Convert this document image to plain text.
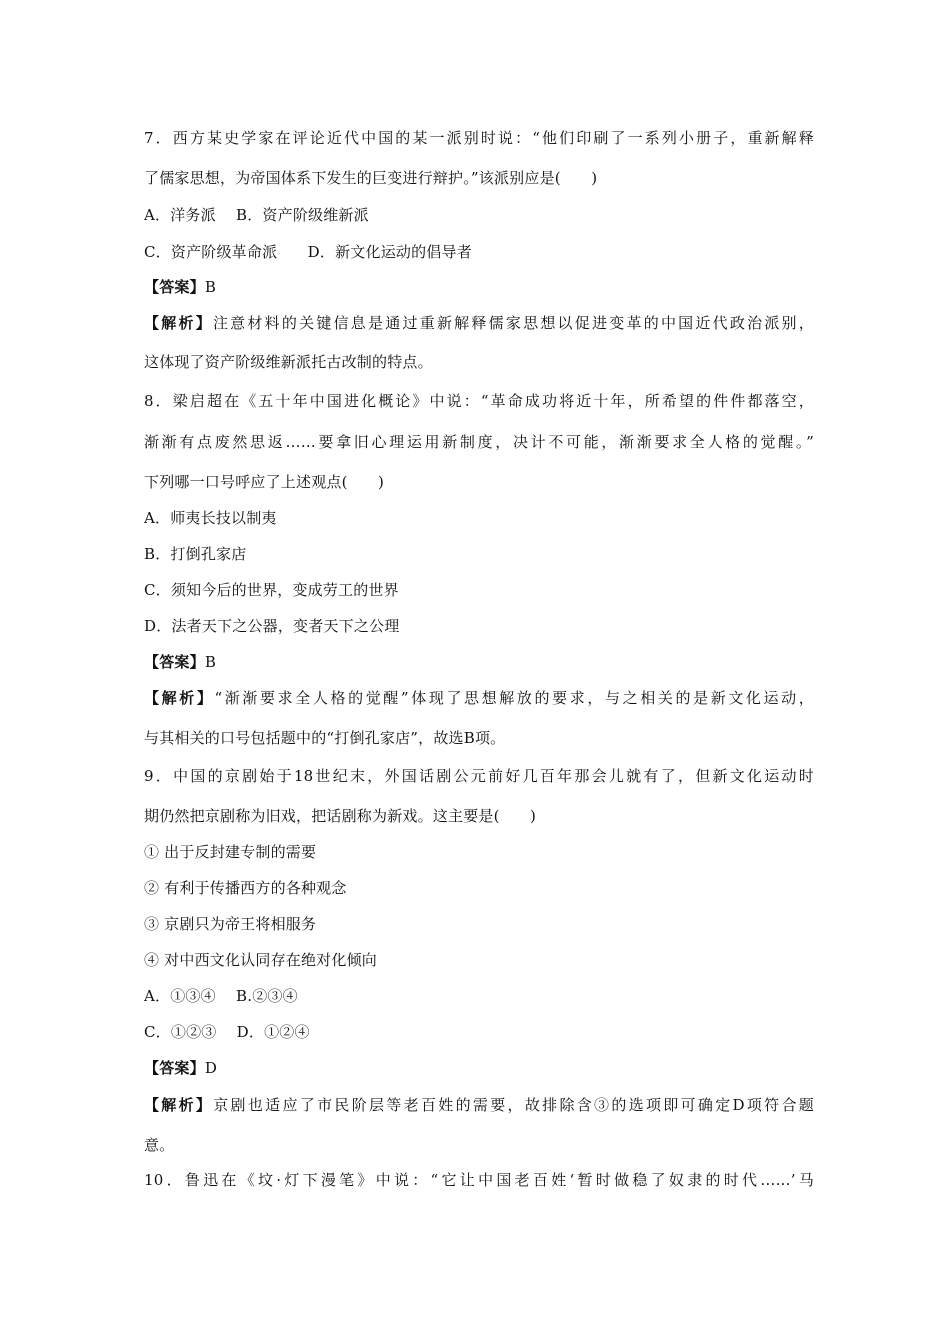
7．西方某史学家在评论近代中国的某一派别时说：“他们印刷了一系列小册子，重新解释
了儒家思想，为帝国体系下发生的巨变进行辩护。”该派别应是(　　)
A．洋务派　 B．资产阶级维新派
C．资产阶级革命派　　D．新文化运动的倡导者
【答案】B
【解析】注意材料的关键信息是通过重新解释儒家思想以促进变革的中国近代政治派别，
这体现了资产阶级维新派托古改制的特点。
8．梁启超在《五十年中国进化概论》中说：“革命成功将近十年，所希望的件件都落空，
渐渐有点废然思返……要拿旧心理运用新制度，决计不可能，渐渐要求全人格的觉醒。”
下列哪一口号呼应了上述观点(　　)
A．师夷长技以制夷
B．打倒孔家店
C．须知今后的世界，变成劳工的世界
D．法者天下之公器，变者天下之公理
【答案】B
【解析】“渐渐要求全人格的觉醒”体现了思想解放的要求，与之相关的是新文化运动，
与其相关的口号包括题中的“打倒孔家店”，故选B项。
9．中国的京剧始于18世纪末，外国话剧公元前好几百年那会儿就有了，但新文化运动时
期仍然把京剧称为旧戏，把话剧称为新戏。这主要是(　　)
① 出于反封建专制的需要
② 有利于传播西方的各种观念
③ 京剧只为帝王将相服务
④ 对中西文化认同存在绝对化倾向
A．①③④　 B.②③④
C．①②③　 D．①②④
【答案】D
【解析】京剧也适应了市民阶层等老百姓的需要，故排除含③的选项即可确定D项符合题
意。
10．鲁迅在《坟·灯下漫笔》中说：“它让中国老百姓‘暂时做稳了奴隶的时代……’马
